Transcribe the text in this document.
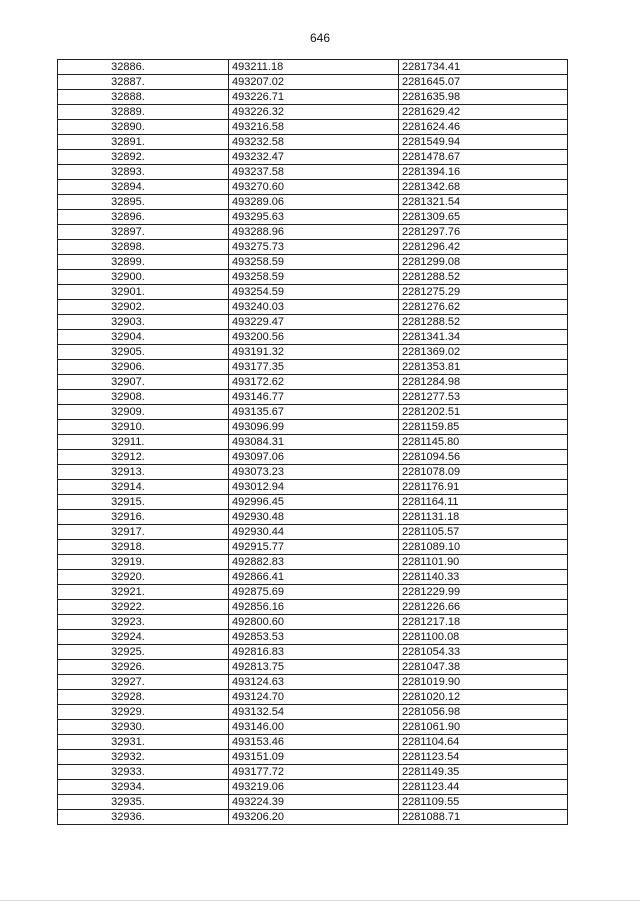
646
32886.	493211.18	2281734.41
32887.	493207.02	2281645.07
32888.	493226.71	2281635.98
32889.	493226.32	2281629.42
32890.	493216.58	2281624.46
32891.	493232.58	2281549.94
32892.	493232.47	2281478.67
32893.	493237.58	2281394.16
32894.	493270.60	2281342.68
32895.	493289.06	2281321.54
32896.	493295.63	2281309.65
32897.	493288.96	2281297.76
32898.	493275.73	2281296.42
32899.	493258.59	2281299.08
32900.	493258.59	2281288.52
32901.	493254.59	2281275.29
32902.	493240.03	2281276.62
32903.	493229.47	2281288.52
32904.	493200.56	2281341.34
32905.	493191.32	2281369.02
32906.	493177.35	2281353.81
32907.	493172.62	2281284.98
32908.	493146.77	2281277.53
32909.	493135.67	2281202.51
32910.	493096.99	2281159.85
32911.	493084.31	2281145.80
32912.	493097.06	2281094.56
32913.	493073.23	2281078.09
32914.	493012.94	2281176.91
32915.	492996.45	2281164.11
32916.	492930.48	2281131.18
32917.	492930.44	2281105.57
32918.	492915.77	2281089.10
32919.	492882.83	2281101.90
32920.	492866.41	2281140.33
32921.	492875.69	2281229.99
32922.	492856.16	2281226.66
32923.	492800.60	2281217.18
32924.	492853.53	2281100.08
32925.	492816.83	2281054.33
32926.	492813.75	2281047.38
32927.	493124.63	2281019.90
32928.	493124.70	2281020.12
32929.	493132.54	2281056.98
32930.	493146.00	2281061.90
32931.	493153.46	2281104.64
32932.	493151.09	2281123.54
32933.	493177.72	2281149.35
32934.	493219.06	2281123.44
32935.	493224.39	2281109.55
32936.	493206.20	2281088.71
